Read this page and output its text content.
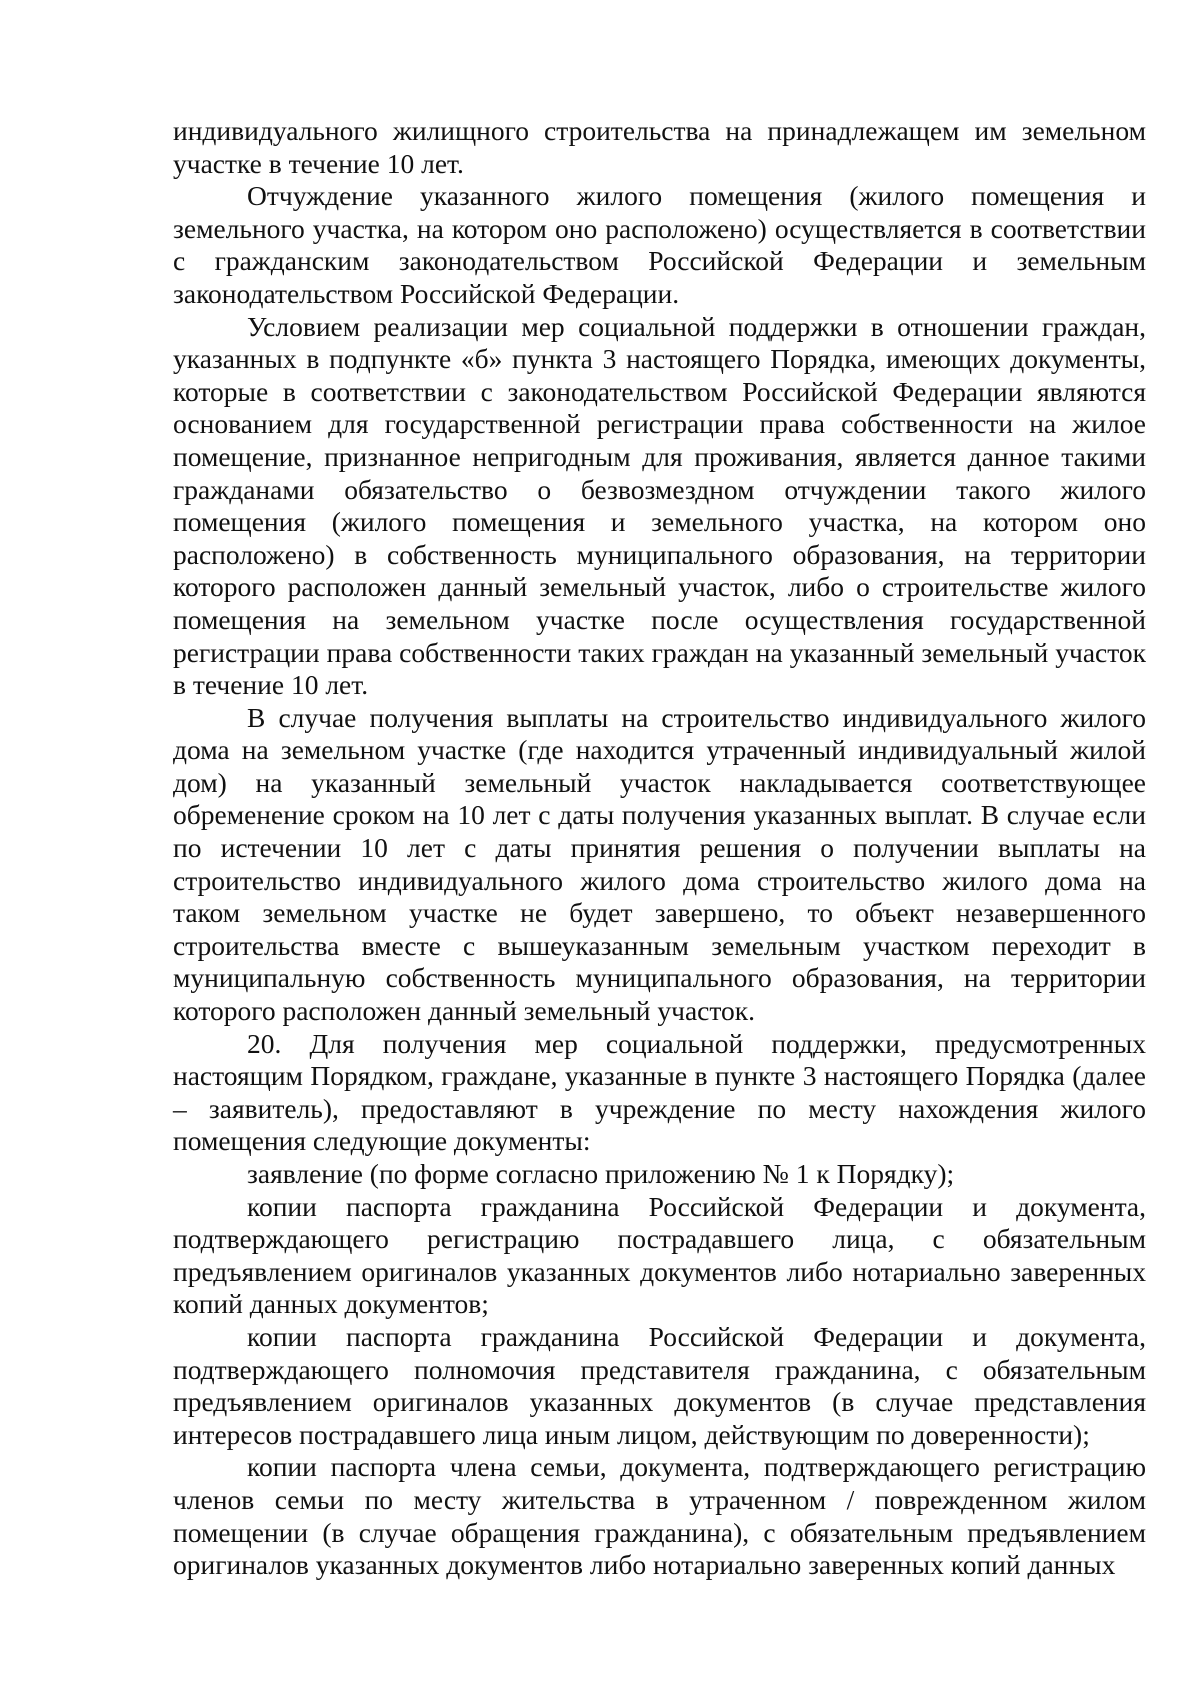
индивидуального жилищного строительства на принадлежащем им земельном участке в течение 10 лет.

Отчуждение указанного жилого помещения (жилого помещения и земельного участка, на котором оно расположено) осуществляется в соответствии с гражданским законодательством Российской Федерации и земельным законодательством Российской Федерации.

Условием реализации мер социальной поддержки в отношении граждан, указанных в подпункте «б» пункта 3 настоящего Порядка, имеющих документы, которые в соответствии с законодательством Российской Федерации являются основанием для государственной регистрации права собственности на жилое помещение, признанное непригодным для проживания, является данное такими гражданами обязательство о безвозмездном отчуждении такого жилого помещения (жилого помещения и земельного участка, на котором оно расположено) в собственность муниципального образования, на территории которого расположен данный земельный участок, либо о строительстве жилого помещения на земельном участке после осуществления государственной регистрации права собственности таких граждан на указанный земельный участок в течение 10 лет.

В случае получения выплаты на строительство индивидуального жилого дома на земельном участке (где находится утраченный индивидуальный жилой дом) на указанный земельный участок накладывается соответствующее обременение сроком на 10 лет с даты получения указанных выплат. В случае если по истечении 10 лет с даты принятия решения о получении выплаты на строительство индивидуального жилого дома строительство жилого дома на таком земельном участке не будет завершено, то объект незавершенного строительства вместе с вышеуказанным земельным участком переходит в муниципальную собственность муниципального образования, на территории которого расположен данный земельный участок.

20. Для получения мер социальной поддержки, предусмотренных настоящим Порядком, граждане, указанные в пункте 3 настоящего Порядка (далее – заявитель), предоставляют в учреждение по месту нахождения жилого помещения следующие документы:

заявление (по форме согласно приложению № 1 к Порядку);

копии паспорта гражданина Российской Федерации и документа, подтверждающего регистрацию пострадавшего лица, с обязательным предъявлением оригиналов указанных документов либо нотариально заверенных копий данных документов;

копии паспорта гражданина Российской Федерации и документа, подтверждающего полномочия представителя гражданина, с обязательным предъявлением оригиналов указанных документов (в случае представления интересов пострадавшего лица иным лицом, действующим по доверенности);

копии паспорта члена семьи, документа, подтверждающего регистрацию членов семьи по месту жительства в утраченном / поврежденном жилом помещении (в случае обращения гражданина), с обязательным предъявлением оригиналов указанных документов либо нотариально заверенных копий данных
